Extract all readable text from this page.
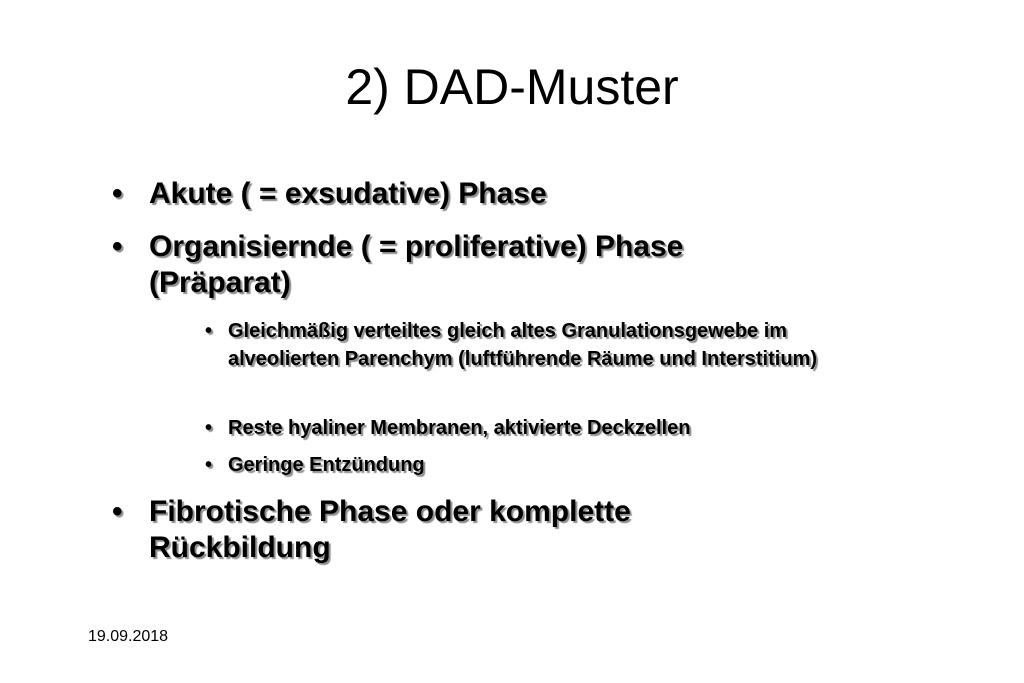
2) DAD-Muster
• Akute ( = exsudative) Phase
• Organisiernde ( = proliferative) Phase (Präparat)
• Gleichmäßig verteiltes gleich altes Granulationsgewebe im alveolierten Parenchym (luftführende Räume und Interstitium)
• Reste hyaliner Membranen, aktivierte Deckzellen
• Geringe Entzündung
• Fibrotische Phase oder komplette Rückbildung
19.09.2018
